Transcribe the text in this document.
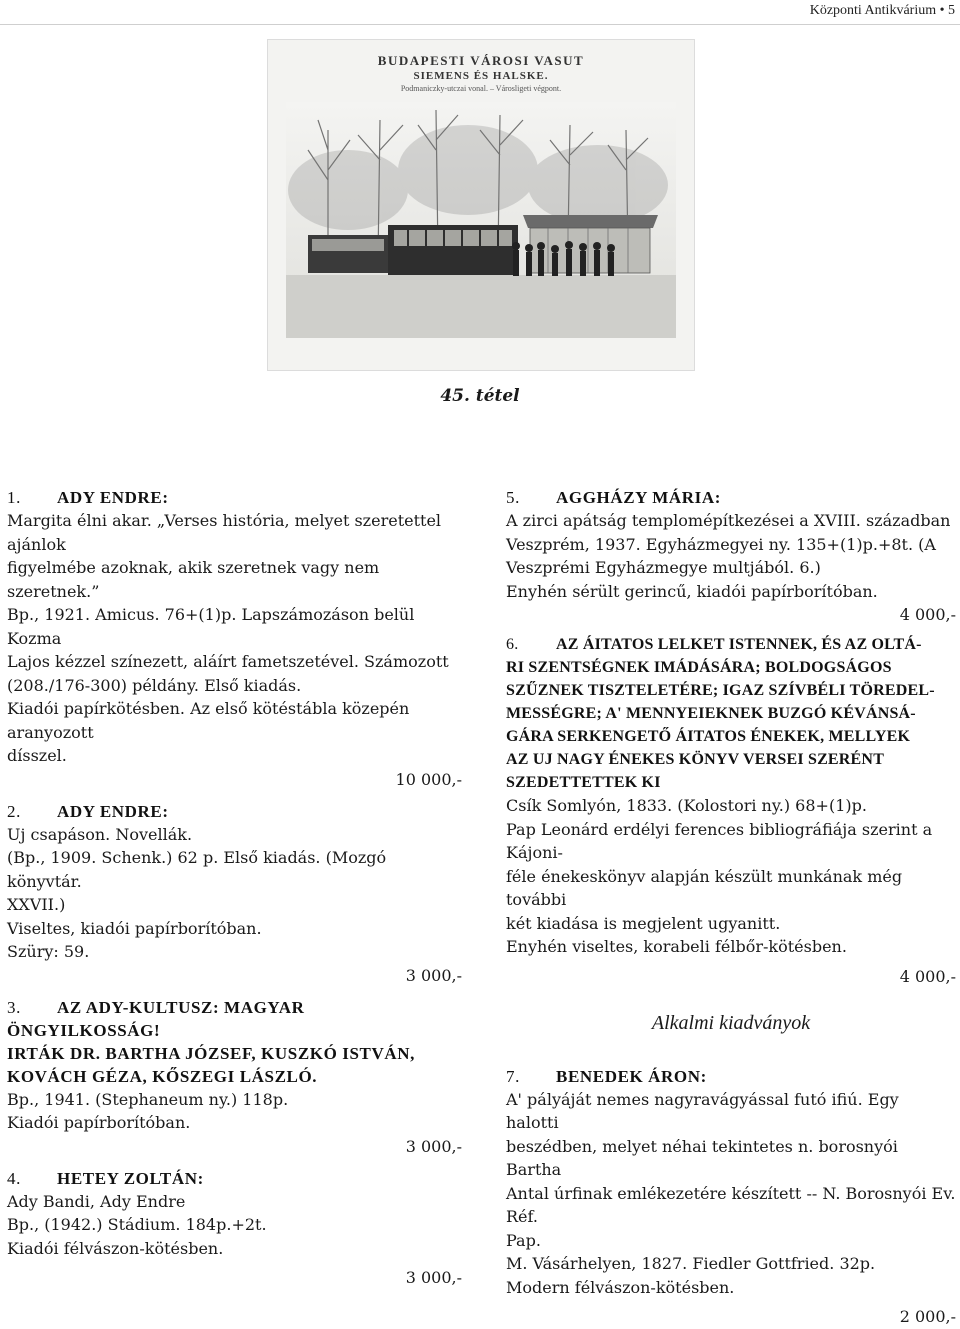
Központi Antikvárium • 5
BUDAPESTI VÁROSI VASUT
SIEMENS ÉS HALSKE.
Podmaniczky-utczai vonal. – Városligeti végpont.
45. tétel
1. ADY ENDRE:
Margita élni akar. „Verses história, melyet szeretettel ajánlok
figyelmébe azoknak, akik szeretnek vagy nem szeretnek.”
Bp., 1921. Amicus. 76+(1)p. Lapszámozáson belül Kozma
Lajos kézzel színezett, aláírt fametszetével. Számozott
(208./176-300) példány. Első kiadás.
Kiadói papírkötésben. Az első kötéstábla közepén aranyozott
dísszel.
10 000,-
2. ADY ENDRE:
Uj csapáson. Novellák.
(Bp., 1909. Schenk.) 62 p. Első kiadás. (Mozgó könyvtár.
XXVII.)
Viseltes, kiadói papírborítóban.
Szüry: 59.
3 000,-
3. AZ ADY-KULTUSZ: MAGYAR ÖNGYILKOSSÁG!
IRTÁK DR. BARTHA JÓZSEF, KUSZKÓ ISTVÁN,
KOVÁCH GÉZA, KŐSZEGI LÁSZLÓ.
Bp., 1941. (Stephaneum ny.) 118p.
Kiadói papírborítóban.
3 000,-
4. HETEY ZOLTÁN:
Ady Bandi, Ady Endre
Bp., (1942.) Stádium. 184p.+2t.
Kiadói félvászon-kötésben.
3 000,-
5. AGGHÁZY MÁRIA:
A zirci apátság templomépítkezései a XVIII. században
Veszprém, 1937. Egyházmegyei ny. 135+(1)p.+8t. (A
Veszprémi Egyházmegye multjából. 6.)
Enyhén sérült gerincű, kiadói papírborítóban.
4 000,-
6. AZ ÁITATOS LELKET ISTENNEK, ÉS AZ OLTÁ-
RI SZENTSÉGNEK IMÁDÁSÁRA; BOLDOGSÁGOS
SZŰZNEK TISZTELETÉRE; IGAZ SZÍVBÉLI TÖREDEL-
MESSÉGRE; A' MENNYEIEKNEK BUZGÓ KÉVÁNSÁ-
GÁRA SERKENGETŐ ÁITATOS ÉNEKEK, MELLYEK
AZ UJ NAGY ÉNEKES KÖNYV VERSEI SZERÉNT
SZEDETTETTEK KI
Csík Somlyón, 1833. (Kolostori ny.) 68+(1)p.
Pap Leonárd erdélyi ferences bibliográfiája szerint a Kájoni-
féle énekeskönyv alapján készült munkának még további
két kiadása is megjelent ugyanitt.
Enyhén viseltes, korabeli félbőr-kötésben.
4 000,-
Alkalmi kiadványok
7. BENEDEK ÁRON:
A' pályáját nemes nagyravágyással futó ifiú. Egy halotti
beszédben, melyet néhai tekintetes n. borosnyói Bartha
Antal úrfinak emlékezetére készített -- N. Borosnyói Ev. Réf.
Pap.
M. Vásárhelyen, 1827. Fiedler Gottfried. 32p.
Modern félvászon-kötésben.
2 000,-
